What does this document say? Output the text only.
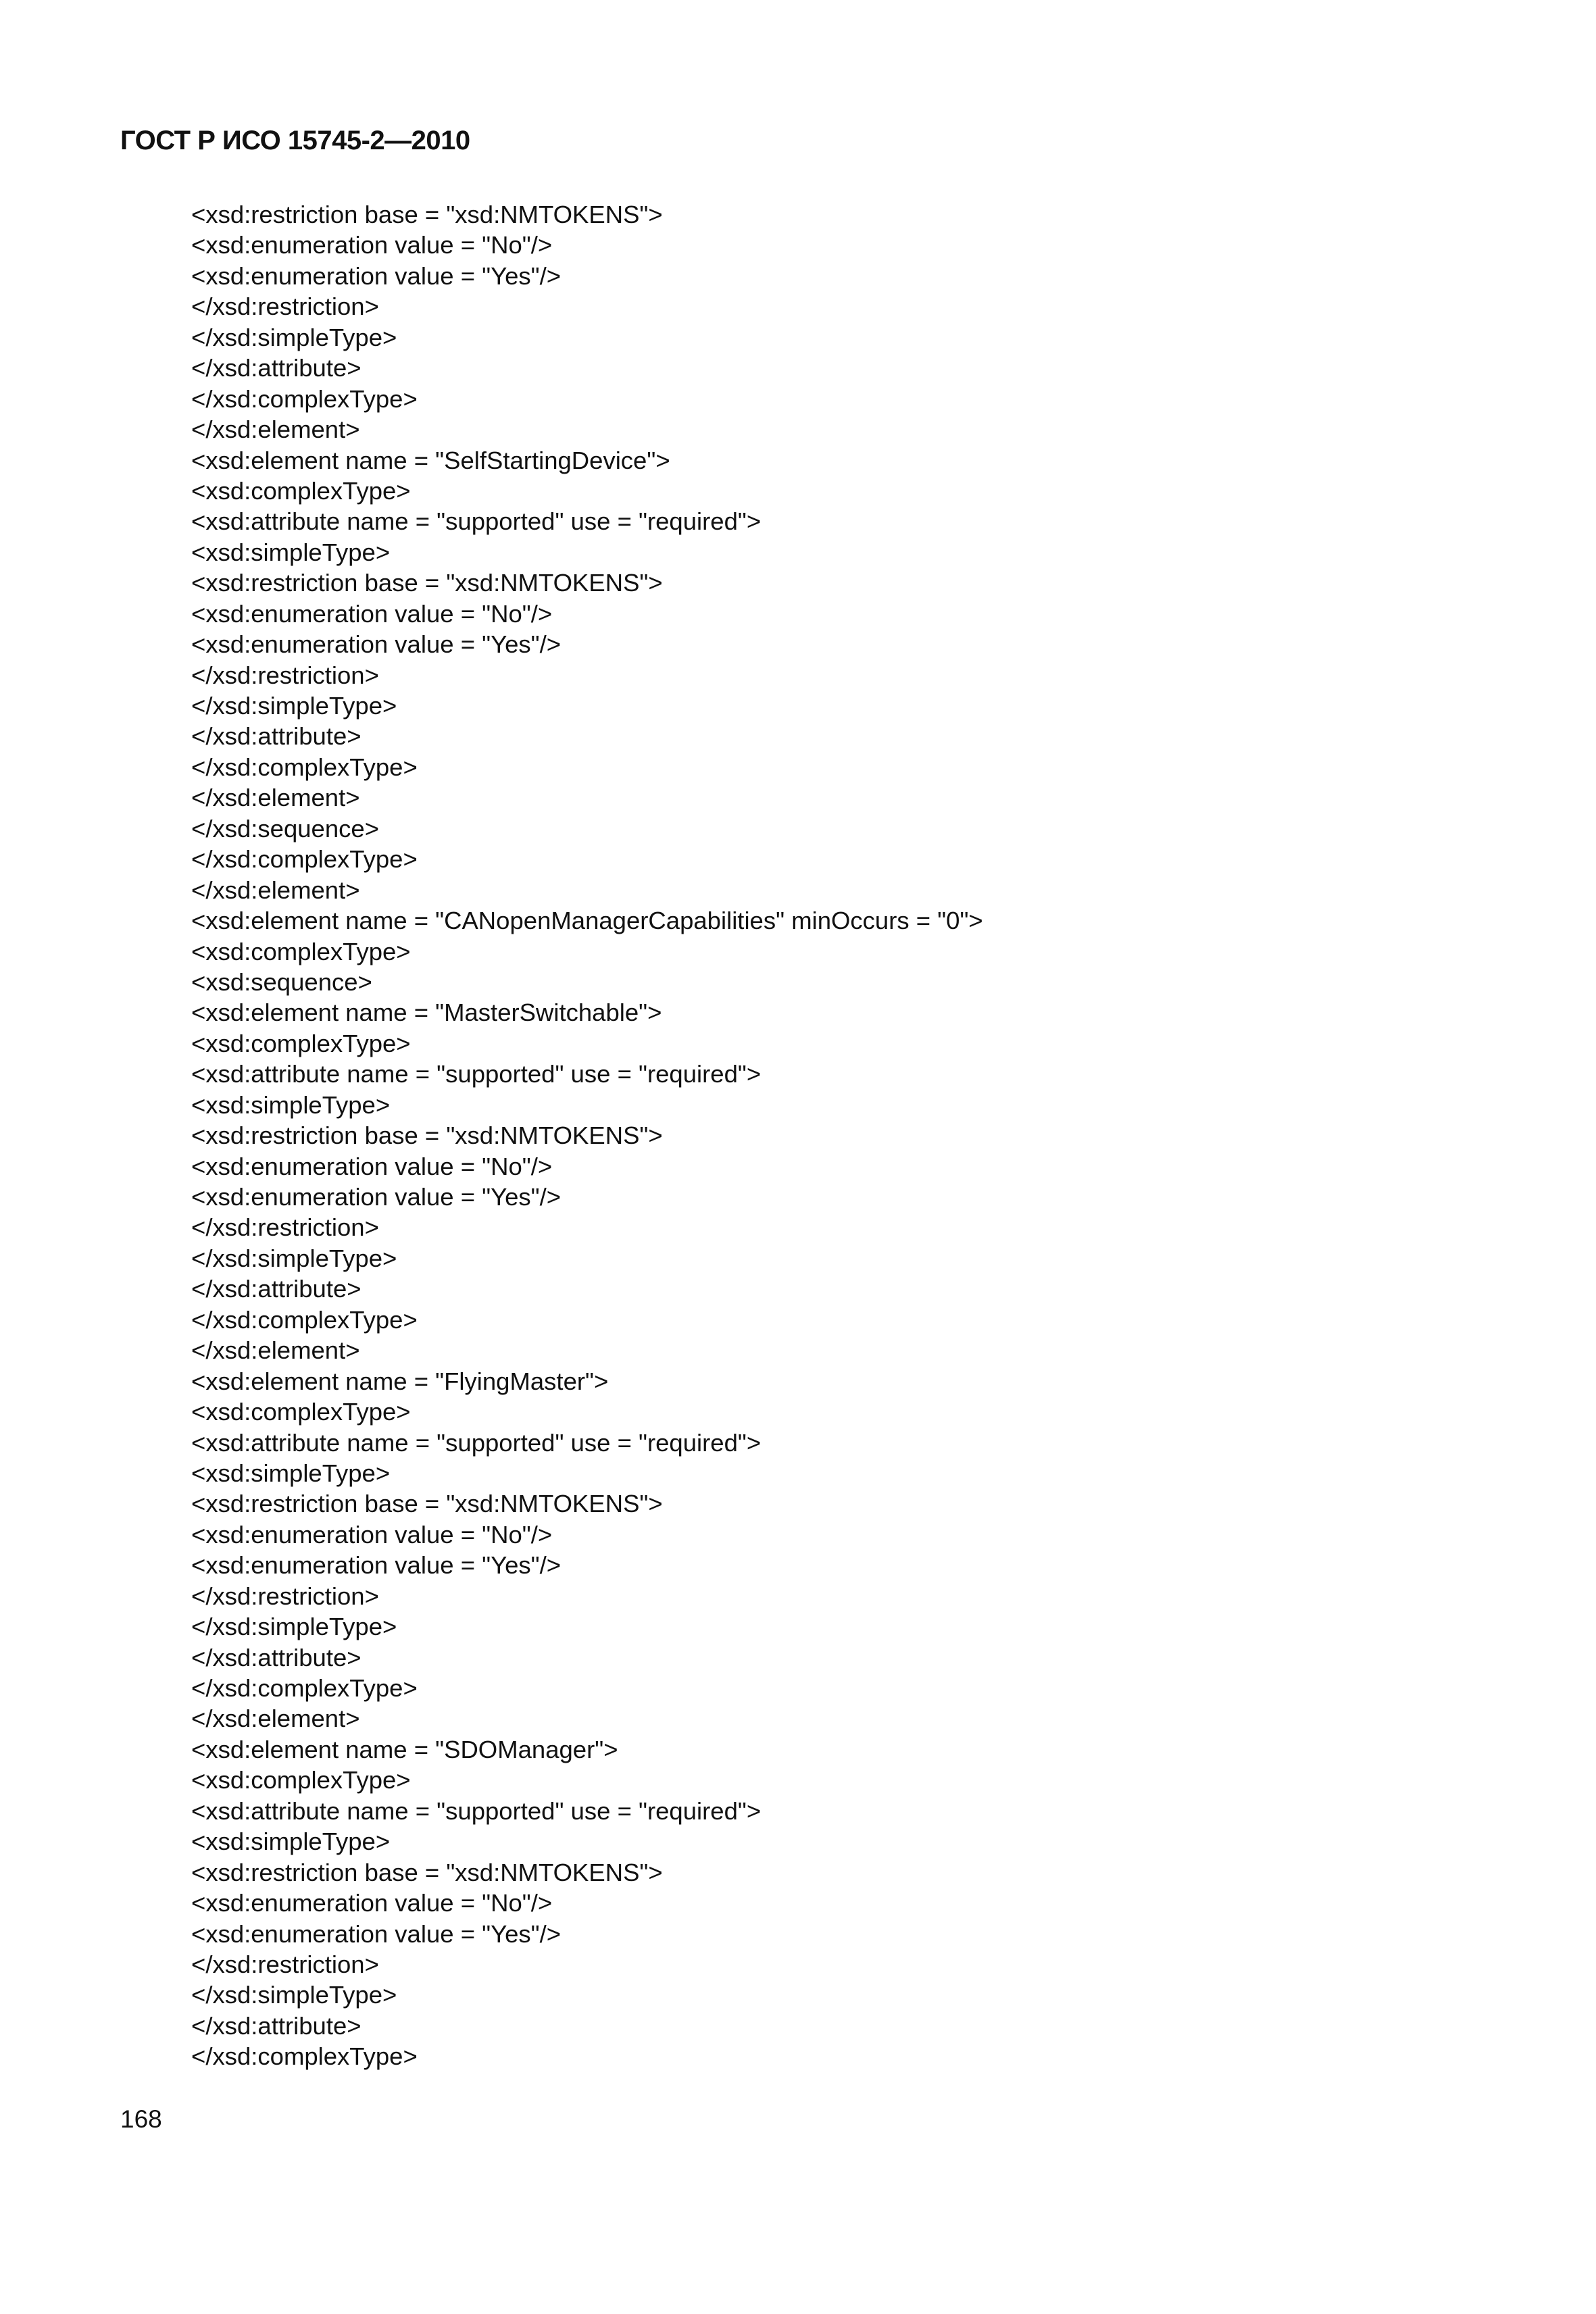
ГОСТ Р ИСО 15745-2—2010
<xsd:restriction base = "xsd:NMTOKENS">
<xsd:enumeration value = "No"/>
<xsd:enumeration value = "Yes"/>
</xsd:restriction>
</xsd:simpleType>
</xsd:attribute>
</xsd:complexType>
</xsd:element>
<xsd:element name = "SelfStartingDevice">
<xsd:complexType>
<xsd:attribute name = "supported" use = "required">
<xsd:simpleType>
<xsd:restriction base = "xsd:NMTOKENS">
<xsd:enumeration value = "No"/>
<xsd:enumeration value = "Yes"/>
</xsd:restriction>
</xsd:simpleType>
</xsd:attribute>
</xsd:complexType>
</xsd:element>
</xsd:sequence>
</xsd:complexType>
</xsd:element>
<xsd:element name = "CANopenManagerCapabilities" minOccurs = "0">
<xsd:complexType>
<xsd:sequence>
<xsd:element name = "MasterSwitchable">
<xsd:complexType>
<xsd:attribute name = "supported" use = "required">
<xsd:simpleType>
<xsd:restriction base = "xsd:NMTOKENS">
<xsd:enumeration value = "No"/>
<xsd:enumeration value = "Yes"/>
</xsd:restriction>
</xsd:simpleType>
</xsd:attribute>
</xsd:complexType>
</xsd:element>
<xsd:element name = "FlyingMaster">
<xsd:complexType>
<xsd:attribute name = "supported" use = "required">
<xsd:simpleType>
<xsd:restriction base = "xsd:NMTOKENS">
<xsd:enumeration value = "No"/>
<xsd:enumeration value = "Yes"/>
</xsd:restriction>
</xsd:simpleType>
</xsd:attribute>
</xsd:complexType>
</xsd:element>
<xsd:element name = "SDOManager">
<xsd:complexType>
<xsd:attribute name = "supported" use = "required">
<xsd:simpleType>
<xsd:restriction base = "xsd:NMTOKENS">
<xsd:enumeration value = "No"/>
<xsd:enumeration value = "Yes"/>
</xsd:restriction>
</xsd:simpleType>
</xsd:attribute>
</xsd:complexType>
168
